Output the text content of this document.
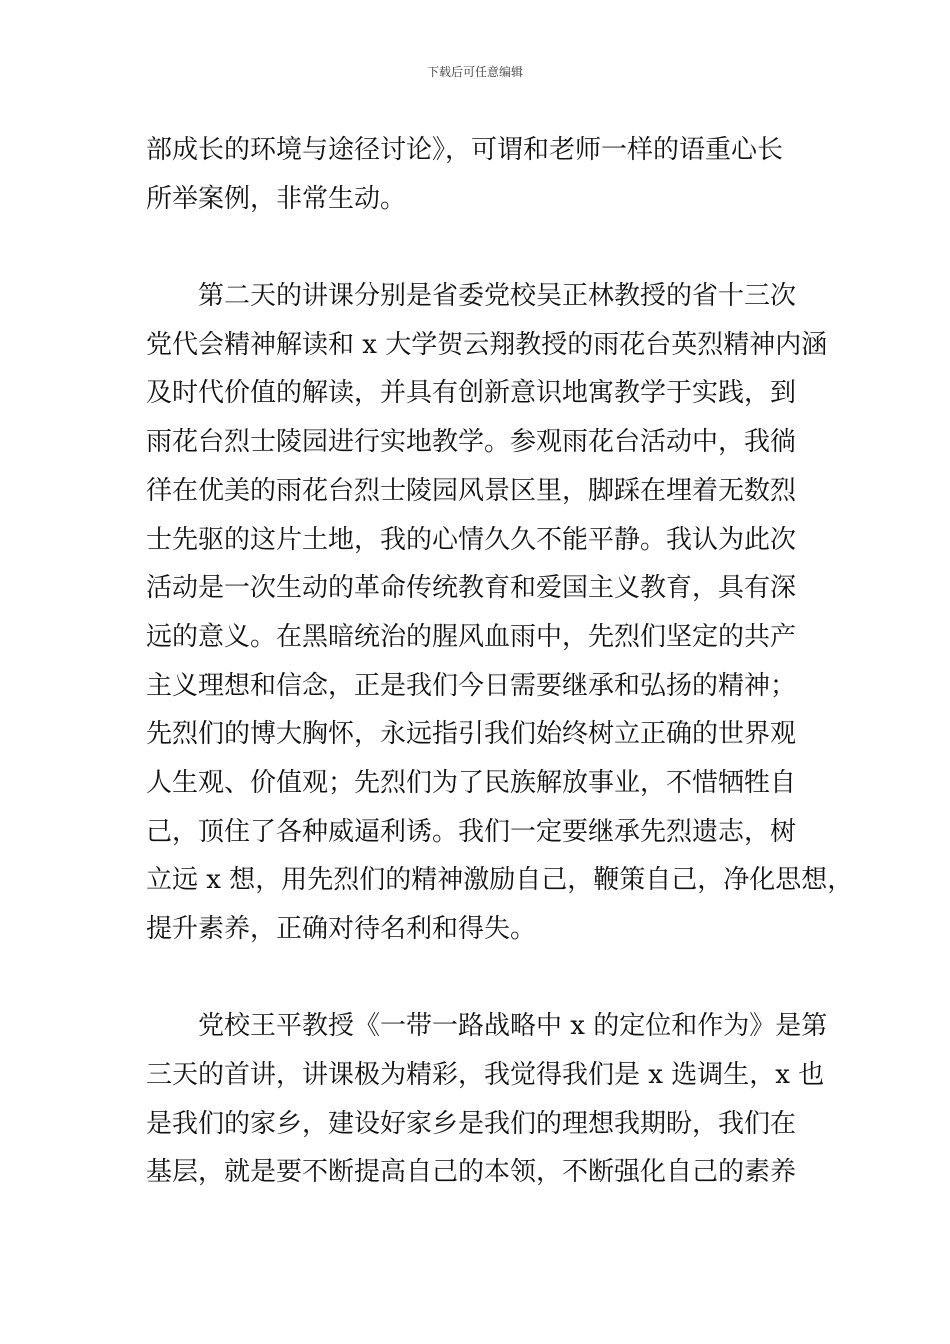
下载后可任意编辑
部成长的环境与途径讨论》，可谓和老师一样的语重心长
所举案例，非常生动。
第二天的讲课分别是省委党校吴正林教授的省十三次
党代会精神解读和 x 大学贺云翔教授的雨花台英烈精神内涵
及时代价值的解读，并具有创新意识地寓教学于实践，到
雨花台烈士陵园进行实地教学。参观雨花台活动中，我徜
徉在优美的雨花台烈士陵园风景区里，脚踩在埋着无数烈
士先驱的这片土地，我的心情久久不能平静。我认为此次
活动是一次生动的革命传统教育和爱国主义教育，具有深
远的意义。在黑暗统治的腥风血雨中，先烈们坚定的共产
主义理想和信念，正是我们今日需要继承和弘扬的精神；
先烈们的博大胸怀，永远指引我们始终树立正确的世界观
人生观、价值观；先烈们为了民族解放事业，不惜牺牲自
己，顶住了各种威逼利诱。我们一定要继承先烈遗志，树
立远 x 想，用先烈们的精神激励自己，鞭策自己，净化思想，
提升素养，正确对待名利和得失。
党校王平教授《一带一路战略中 x 的定位和作为》是第
三天的首讲，讲课极为精彩，我觉得我们是 x 选调生，x 也
是我们的家乡，建设好家乡是我们的理想我期盼，我们在
基层，就是要不断提高自己的本领，不断强化自己的素养
